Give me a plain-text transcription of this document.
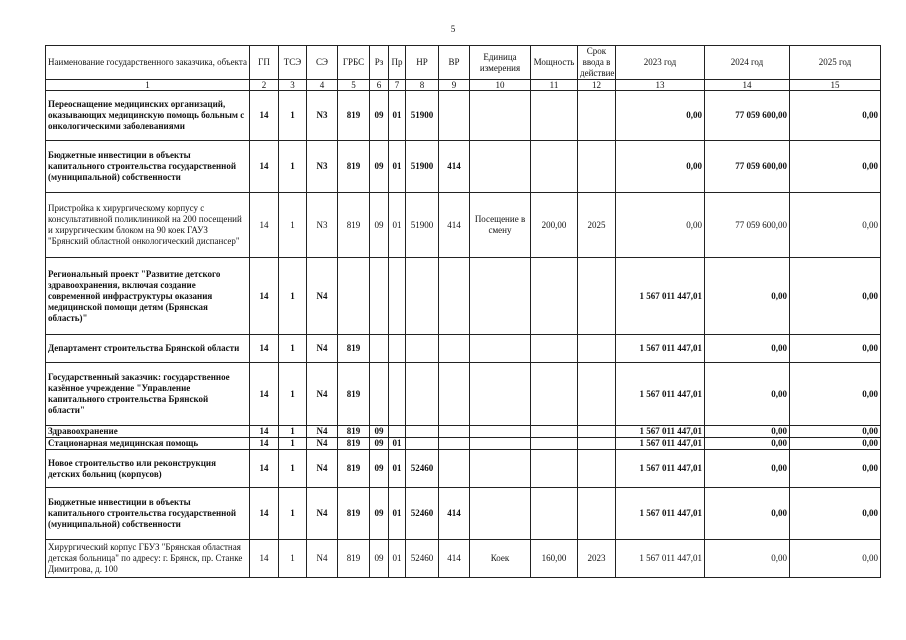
5
Наименование государственного заказчика, объекта	ГП	ТСЭ	СЭ	ГРБС	Рз	Пр	НР	ВР	Единица измерения	Мощность	Срок ввода в действие	2023 год	2024 год	2025 год
1	2	3	4	5	6	7	8	9	10	11	12	13	14	15
Переоснащение медицинских организаций, оказывающих медицинскую помощь больным с онкологическими заболеваниями	14	1	N3	819	09	01	51900					0,00	77 059 600,00	0,00
Бюджетные инвестиции в объекты капитального строительства государственной (муниципальной) собственности	14	1	N3	819	09	01	51900	414				0,00	77 059 600,00	0,00
Пристройка к хирургическому корпусу с консультативной поликлиникой на 200 посещений и хирургическим блоком на 90 коек ГАУЗ "Брянский областной онкологический диспансер"	14	1	N3	819	09	01	51900	414	Посещение в смену	200,00	2025	0,00	77 059 600,00	0,00
Региональный проект "Развитие детского здравоохранения, включая создание современной инфраструктуры оказания медицинской помощи детям (Брянская область)"	14	1	N4									1 567 011 447,01	0,00	0,00
Департамент строительства Брянской области	14	1	N4	819								1 567 011 447,01	0,00	0,00
Государственный заказчик: государственное казённое учреждение "Управление капитального строительства Брянской области"	14	1	N4	819								1 567 011 447,01	0,00	0,00
Здравоохранение	14	1	N4	819	09							1 567 011 447,01	0,00	0,00
Стационарная медицинская помощь	14	1	N4	819	09	01						1 567 011 447,01	0,00	0,00
Новое строительство или реконструкция детских больниц (корпусов)	14	1	N4	819	09	01	52460					1 567 011 447,01	0,00	0,00
Бюджетные инвестиции в объекты капитального строительства государственной (муниципальной) собственности	14	1	N4	819	09	01	52460	414				1 567 011 447,01	0,00	0,00
Хирургический корпус ГБУЗ "Брянская областная детская больница" по адресу: г. Брянск, пр. Станке Димитрова, д. 100	14	1	N4	819	09	01	52460	414	Коек	160,00	2023	1 567 011 447,01	0,00	0,00
